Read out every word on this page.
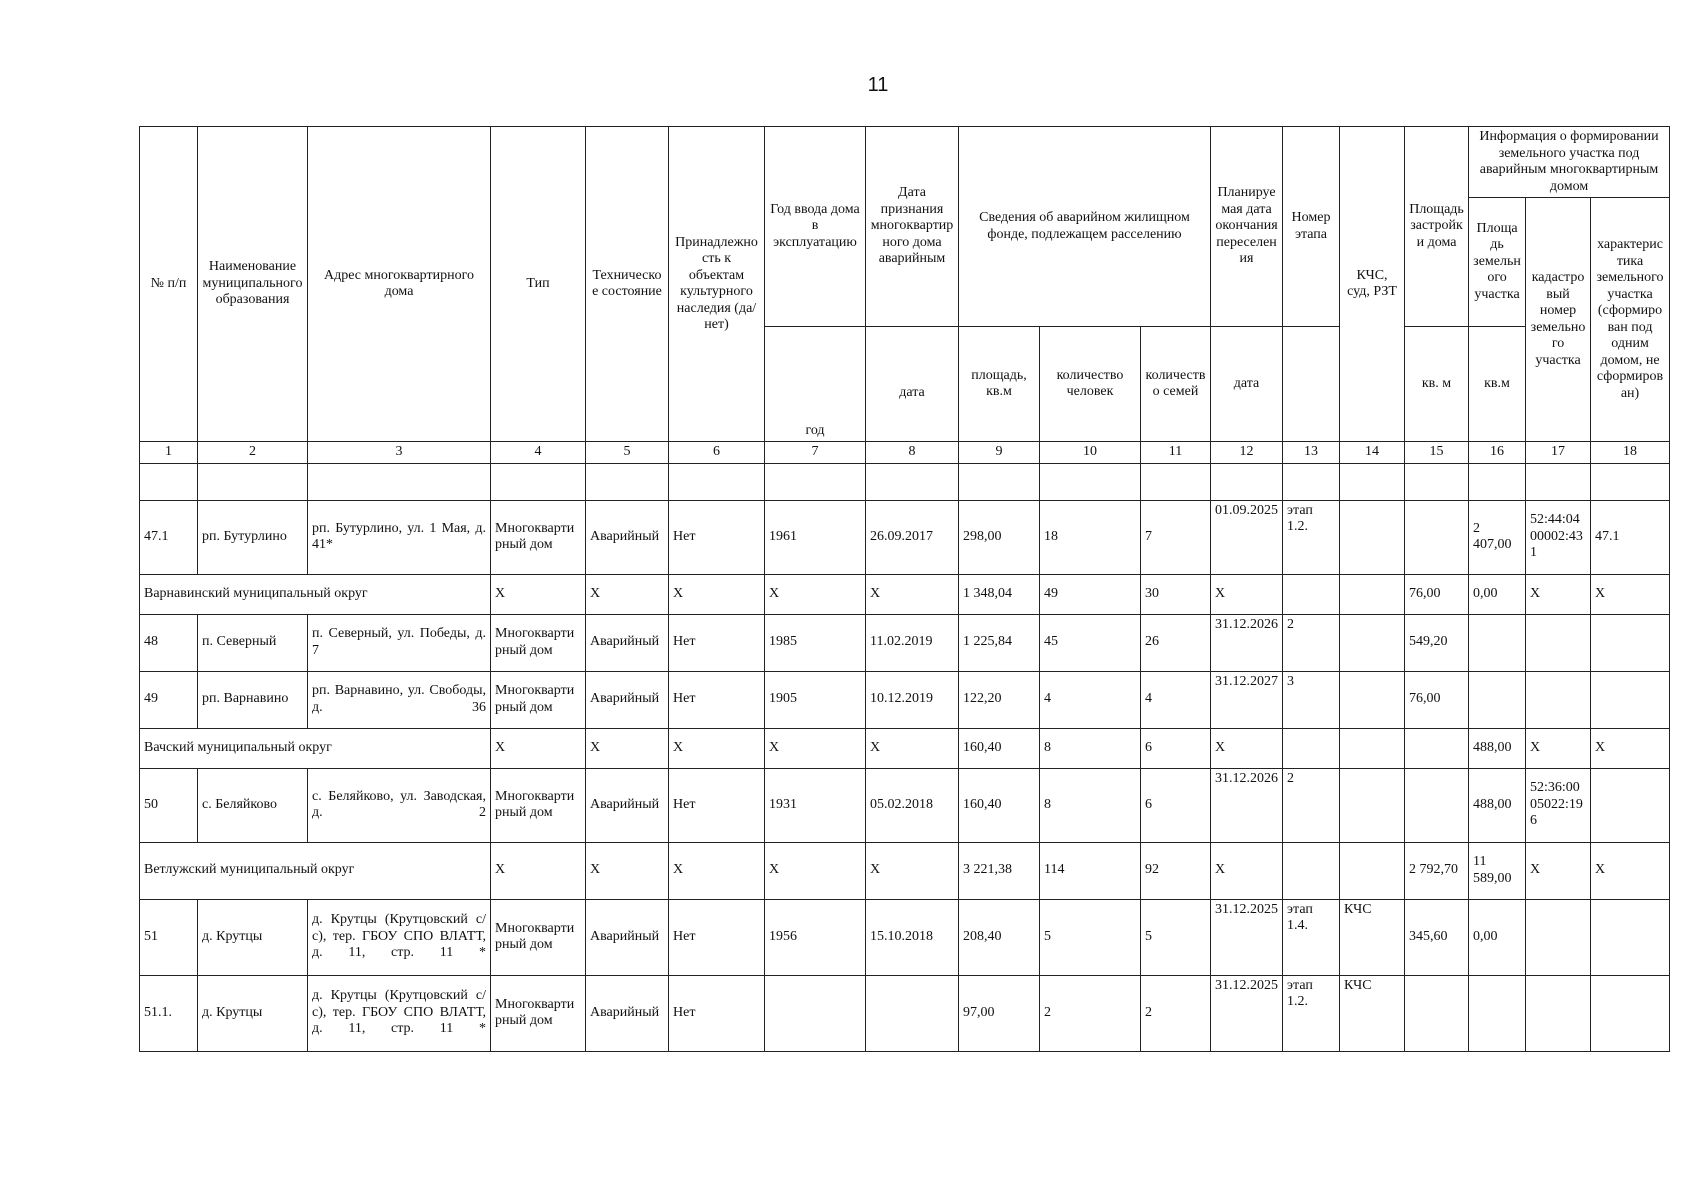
11
№ п/п	Наименование муниципального образования	Адрес многоквартирного дома	Тип	Техническое состояние	Принадлежность к объектам культурного наследия (да/нет)	Год ввода дома в эксплуатацию	Дата признания многоквартирного дома аварийным	Сведения об аварийном жилищном фонде, подлежащем расселению			Планируемая дата окончания переселения	Номер этапа	КЧС, суд, РЗТ	Площадь застройки дома	Информация о формировании земельного участка под аварийным многоквартирным домом		
															Площадь земельного участка	кадастровый номер земельного участка	характеристика земельного участка (сформирован под одним домом, не сформирован)
						год	дата	площадь, кв.м	количество человек	количество семей	дата			кв. м	кв.м		
1	2	3	4	5	6	7	8	9	10	11	12	13	14	15	16	17	18

47.1	рп. Бутурлино	рп. Бутурлино, ул. 1 Мая, д. 41*	Многоквартирный дом	Аварийный	Нет	1961	26.09.2017	298,00	18	7	01.09.2025	этап 1.2.			2 407,00	52:44:0400002:431	47.1
Варнавинский муниципальный округ			Х	Х	Х	Х	Х	1 348,04	49	30	Х			76,00	0,00	Х	Х
48	п. Северный	п. Северный, ул. Победы, д. 7	Многоквартирный дом	Аварийный	Нет	1985	11.02.2019	1 225,84	45	26	31.12.2026	2		549,20			
49	рп. Варнавино	рп. Варнавино, ул. Свободы, д. 36	Многоквартирный дом	Аварийный	Нет	1905	10.12.2019	122,20	4	4	31.12.2027	3		76,00			
Вачский муниципальный округ			Х	Х	Х	Х	Х	160,40	8	6	Х				488,00	Х	Х
50	с. Беляйково	с. Беляйково, ул. Заводская, д. 2	Многоквартирный дом	Аварийный	Нет	1931	05.02.2018	160,40	8	6	31.12.2026	2			488,00	52:36:0005022:196	
Ветлужский муниципальный округ			Х	Х	Х	Х	Х	3 221,38	114	92	Х			2 792,70	11 589,00	Х	Х
51	д. Крутцы	д. Крутцы (Крутцовский с/с), тер. ГБОУ СПО ВЛАТТ, д. 11, стр. 11 *	Многоквартирный дом	Аварийный	Нет	1956	15.10.2018	208,40	5	5	31.12.2025	этап 1.4.	КЧС	345,60	0,00		
51.1.	д. Крутцы	д. Крутцы (Крутцовский с/с), тер. ГБОУ СПО ВЛАТТ, д. 11, стр. 11 *	Многоквартирный дом	Аварийный	Нет			97,00	2	2	31.12.2025	этап 1.2.	КЧС				
